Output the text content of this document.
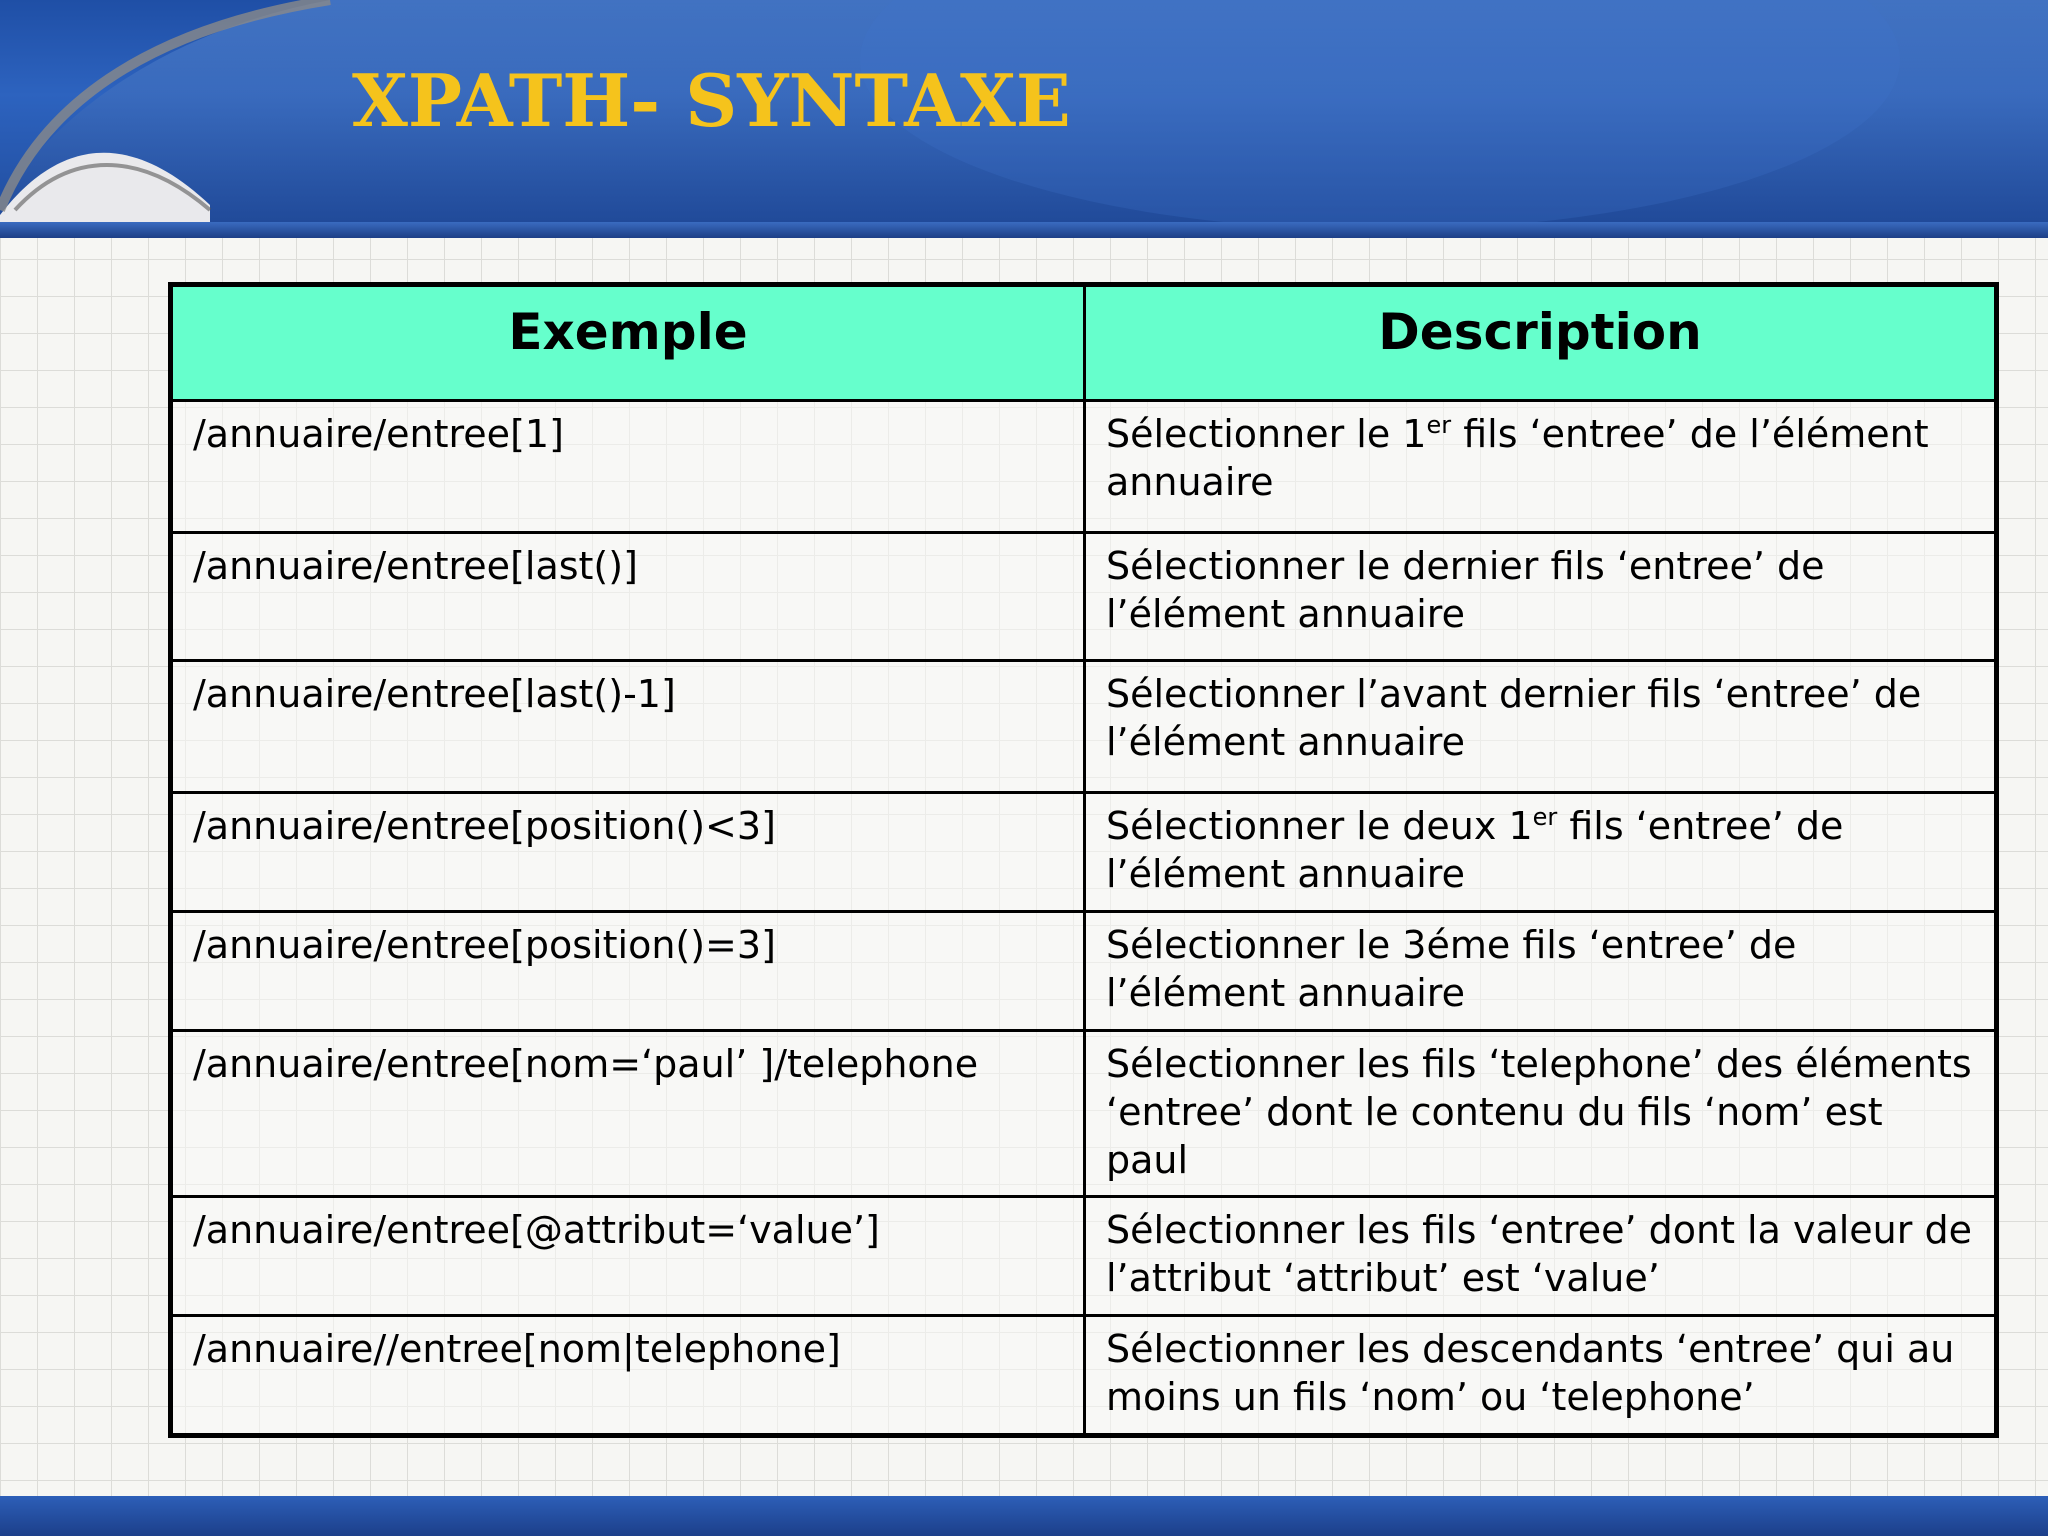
XPATH- SYNTAXE
Exemple	Description
/annuaire/entree[1]	Sélectionner le 1er fils ‘entree’ de l’élément annuaire
/annuaire/entree[last()]	Sélectionner le dernier fils ‘entree’ de l’élément annuaire
/annuaire/entree[last()-1]	Sélectionner l’avant dernier fils ‘entree’ de l’élément annuaire
/annuaire/entree[position()<3]	Sélectionner le deux 1er fils ‘entree’ de l’élément annuaire
/annuaire/entree[position()=3]	Sélectionner le 3éme fils ‘entree’ de l’élément annuaire
/annuaire/entree[nom=‘paul’ ]/telephone	Sélectionner les fils ‘telephone’ des éléments ‘entree’ dont le contenu du fils ‘nom’ est paul
/annuaire/entree[@attribut=‘value’]	Sélectionner les fils ‘entree’ dont la valeur de l’attribut ‘attribut’ est ‘value’
/annuaire//entree[nom|telephone]	Sélectionner les descendants ‘entree’ qui au moins un fils ‘nom’ ou ‘telephone’
